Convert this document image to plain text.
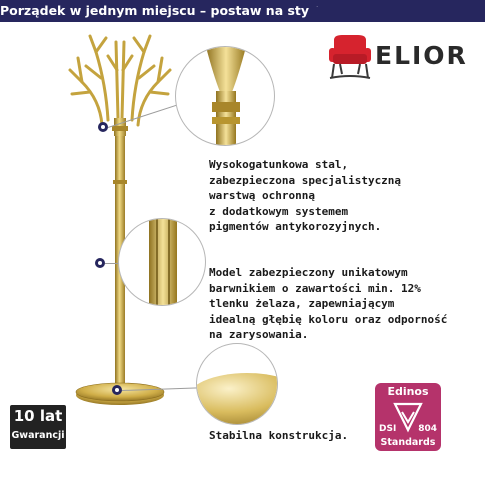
Porządek w jednym miejscu – postaw na styl!
ELIOR
Wysokogatunkowa stal,
zabezpieczona specjalistyczną
warstwą ochronną
z dodatkowym systemem
pigmentów antykorozyjnych.
Model zabezpieczony unikatowym
barwnikiem o zawartości min. 12%
tlenku żelaza, zapewniającym
idealną głębię koloru oraz odporność
na zarysowania.
Stabilna konstrukcja.
10 lat
Gwarancji
Edinos
DSI 804
Standards
